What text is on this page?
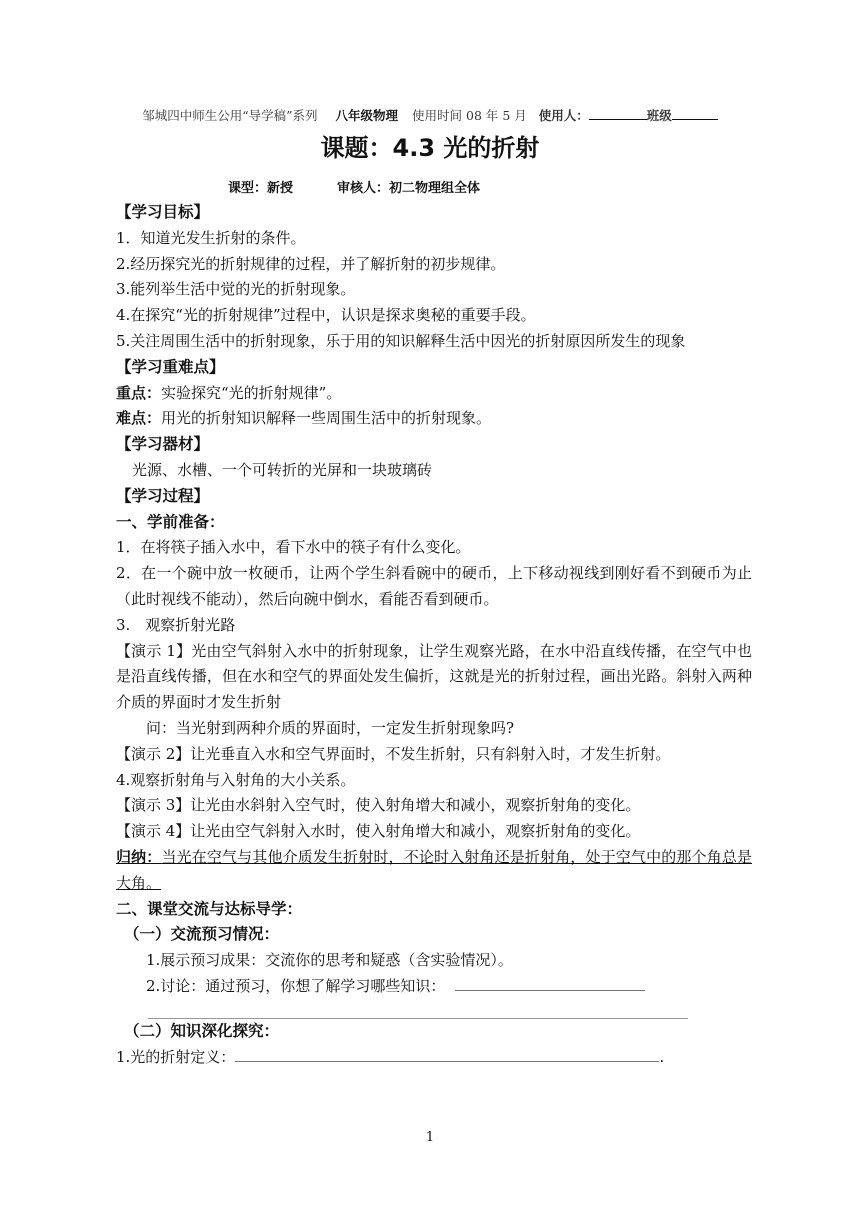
邹城四中师生公用“导学稿”系列 八年级物理 使用时间 08 年 5 月 使用人：	班级
课题：4.3 光的折射
课型：新授	审核人：初二物理组全体
【学习目标】
1．知道光发生折射的条件。
2.经历探究光的折射规律的过程，并了解折射的初步规律。
3.能列举生活中觉的光的折射现象。
4.在探究“光的折射规律”过程中，认识是探求奥秘的重要手段。
5.关注周围生活中的折射现象，乐于用的知识解释生活中因光的折射原因所发生的现象
【学习重难点】
重点：实验探究“光的折射规律”。
难点：用光的折射知识解释一些周围生活中的折射现象。
【学习器材】
光源、水槽、一个可转折的光屏和一块玻璃砖
【学习过程】
一、学前准备：
1．在将筷子插入水中，看下水中的筷子有什么变化。
2．在一个碗中放一枚硬币，让两个学生斜看碗中的硬币，上下移动视线到刚好看不到硬币为止（此时视线不能动），然后向碗中倒水，看能否看到硬币。
3.　观察折射光路
【演示 1】光由空气斜射入水中的折射现象，让学生观察光路，在水中沿直线传播，在空气中也是沿直线传播，但在水和空气的界面处发生偏折，这就是光的折射过程，画出光路。斜射入两种介质的界面时才发生折射
问：当光射到两种介质的界面时，一定发生折射现象吗?
【演示 2】让光垂直入水和空气界面时，不发生折射，只有斜射入时，才发生折射。
4.观察折射角与入射角的大小关系。
【演示 3】让光由水斜射入空气时，使入射角增大和减小，观察折射角的变化。
【演示 4】让光由空气斜射入水时，使入射角增大和减小，观察折射角的变化。
归纳：当光在空气与其他介质发生折射时，不论时入射角还是折射角，处于空气中的那个角总是大角。
二、课堂交流与达标导学：
（一）交流预习情况：
1.展示预习成果：交流你的思考和疑惑（含实验情况）。
2.讨论：通过预习，你想了解学习哪些知识：
（二）知识深化探究：
1.光的折射定义：	.
1
